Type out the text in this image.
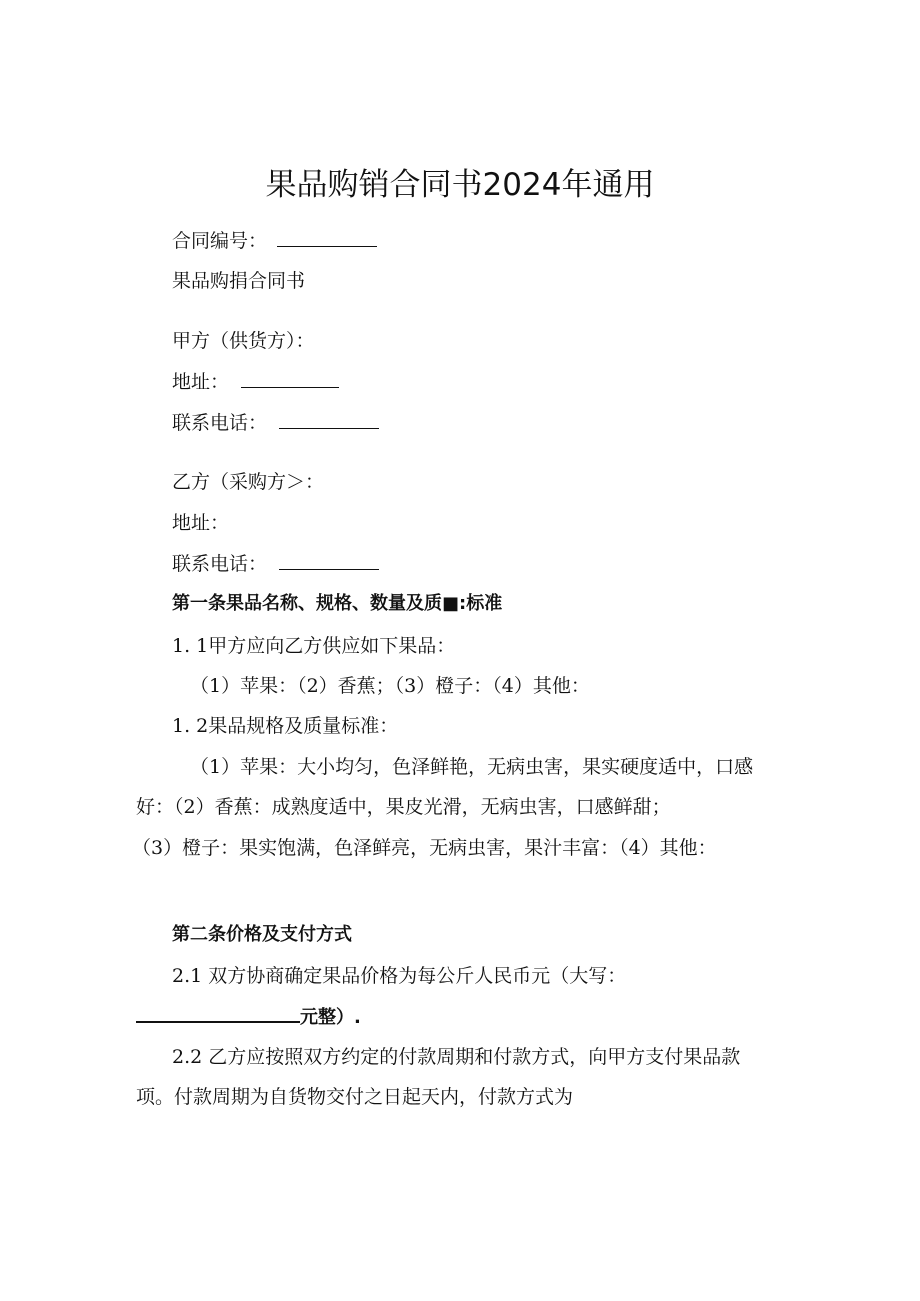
果品购销合同书2024年通用
合同编号：
果品购捐合同书
甲方（供货方）：
地址：
联系电话：
乙方（采购方＞：
地址：
联系电话：
第一条果品名称、规格、数量及质■:标准
1. 1甲方应向乙方供应如下果品：
（1）苹果：（2）香蕉；（3）橙子：（4）其他：
1. 2果品规格及质量标准：
（1）苹果：大小均匀，色泽鲜艳，无病虫害，果实硬度适中，口感
好：（2）香蕉：成熟度适中，果皮光滑，无病虫害，口感鲜甜；
（3）橙子：果实饱满，色泽鲜亮，无病虫害，果汁丰富：（4）其他：
第二条价格及支付方式
2.1 双方协商确定果品价格为每公斤人民币元（大写：
元整）.
2.2 乙方应按照双方约定的付款周期和付款方式，向甲方支付果品款
项。付款周期为自货物交付之日起天内，付款方式为
